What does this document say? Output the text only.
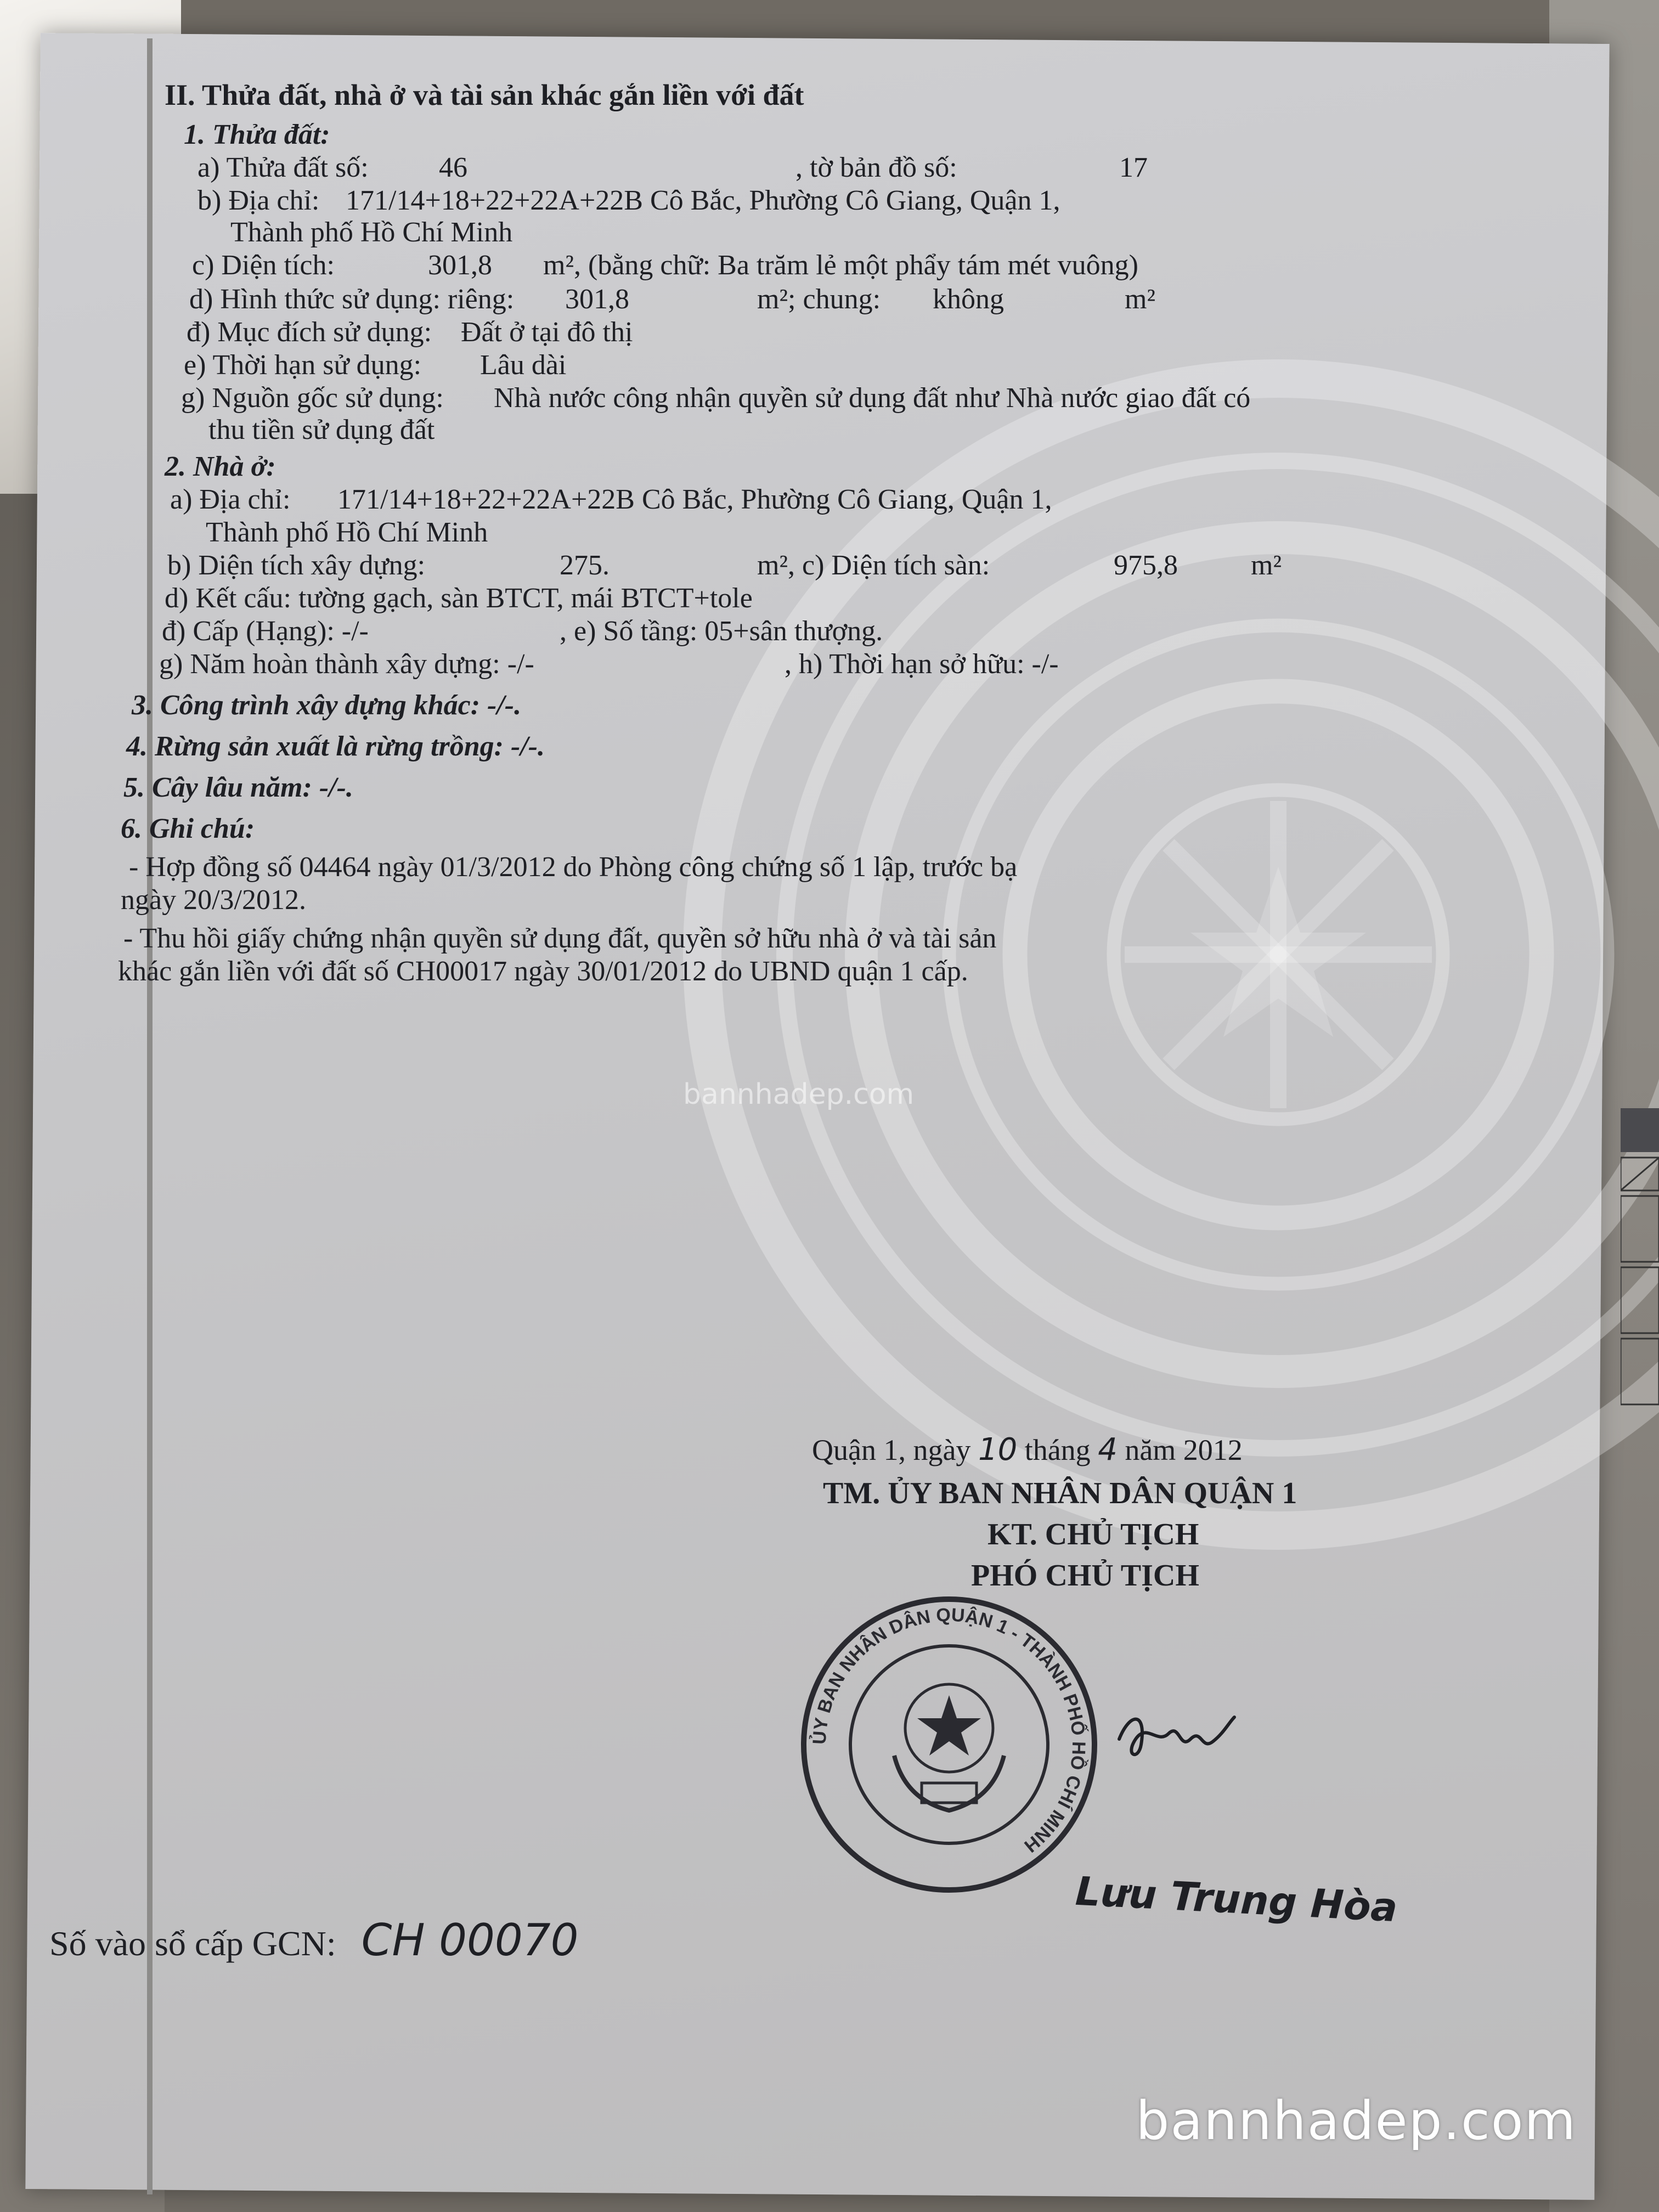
bannhadep.com
II. Thửa đất, nhà ở và tài sản khác gắn liền với đất
1. Thửa đất:
a) Thửa đất số: 46	, tờ bản đồ số:	17
b) Địa chỉ: 171/14+18+22+22A+22B Cô Bắc, Phường Cô Giang, Quận 1,
Thành phố Hồ Chí Minh
c) Diện tích:	301,8 m², (bằng chữ: Ba trăm lẻ một phẩy tám mét vuông)
d) Hình thức sử dụng: riêng: 301,8	m²; chung: không	m²
đ) Mục đích sử dụng: Đất ở tại đô thị
e) Thời hạn sử dụng: Lâu dài
g) Nguồn gốc sử dụng: Nhà nước công nhận quyền sử dụng đất như Nhà nước giao đất có
thu tiền sử dụng đất
2. Nhà ở:
a) Địa chỉ: 171/14+18+22+22A+22B Cô Bắc, Phường Cô Giang, Quận 1,
Thành phố Hồ Chí Minh
b) Diện tích xây dựng:	275.	m², c) Diện tích sàn:	975,8	m²
d) Kết cấu: tường gạch, sàn BTCT, mái BTCT+tole
đ) Cấp (Hạng): -/-	, e) Số tầng: 05+sân thượng.
g) Năm hoàn thành xây dựng: -/-	, h) Thời hạn sở hữu: -/-
3. Công trình xây dựng khác: -/-.
4. Rừng sản xuất là rừng trồng: -/-.
5. Cây lâu năm: -/-.
6. Ghi chú:
- Hợp đồng số 04464 ngày 01/3/2012 do Phòng công chứng số 1 lập, trước bạ
ngày 20/3/2012.
- Thu hồi giấy chứng nhận quyền sử dụng đất, quyền sở hữu nhà ở và tài sản
khác gắn liền với đất số CH00017 ngày 30/01/2012 do UBND quận 1 cấp.
Quận 1, ngày 10 tháng 4 năm 2012
TM. ỦY BAN NHÂN DÂN QUẬN 1
KT. CHỦ TỊCH
PHÓ CHỦ TỊCH
ỦY BAN NHÂN DÂN QUẬN 1 - THÀNH PHỐ HỒ CHÍ MINH
Lưu Trung Hòa
Số vào sổ cấp GCN: CH 00070
bannhadep.com
